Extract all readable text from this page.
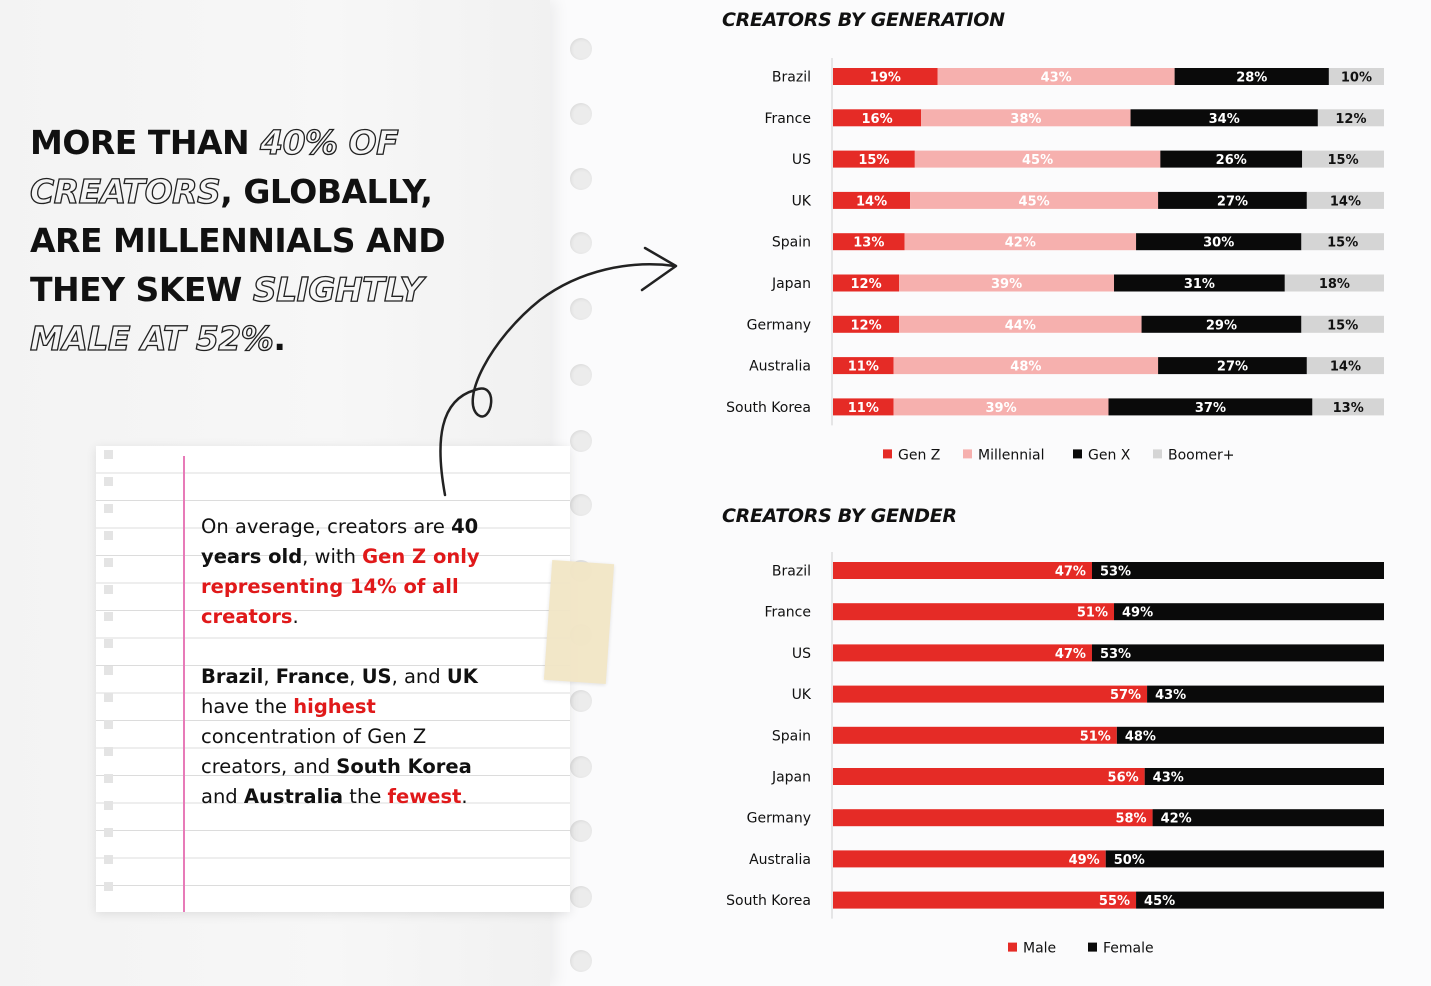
MORE THAN 40% OF CREATORS, GLOBALLY, ARE MILLENNIALS AND THEY SKEW SLIGHTLY MALE AT 52%.

On average, creators are 40 years old, with Gen Z only representing 14% of all creators.

Brazil, France, US, and UK have the highest concentration of Gen Z creators, and South Korea and Australia the fewest.

CREATORS BY GENERATION
Brazil	19%	43%	28%	10%
France	16%	38%	34%	12%
US	15%	45%	26%	15%
UK	14%	45%	27%	14%
Spain	13%	42%	30%	15%
Japan	12%	39%	31%	18%
Germany	12%	44%	29%	15%
Australia	11%	48%	27%	14%
South Korea	11%	39%	37%	13%
Gen Z	Millennial	Gen X	Boomer+
CREATORS BY GENDER
Brazil	47% 53%
France	51% 49%
US	47% 53%
UK	57% 43%
Spain	51% 48%
Japan	56% 43%
Germany	58% 42%
Australia	49% 50%
South Korea	55% 45%
Male	Female
